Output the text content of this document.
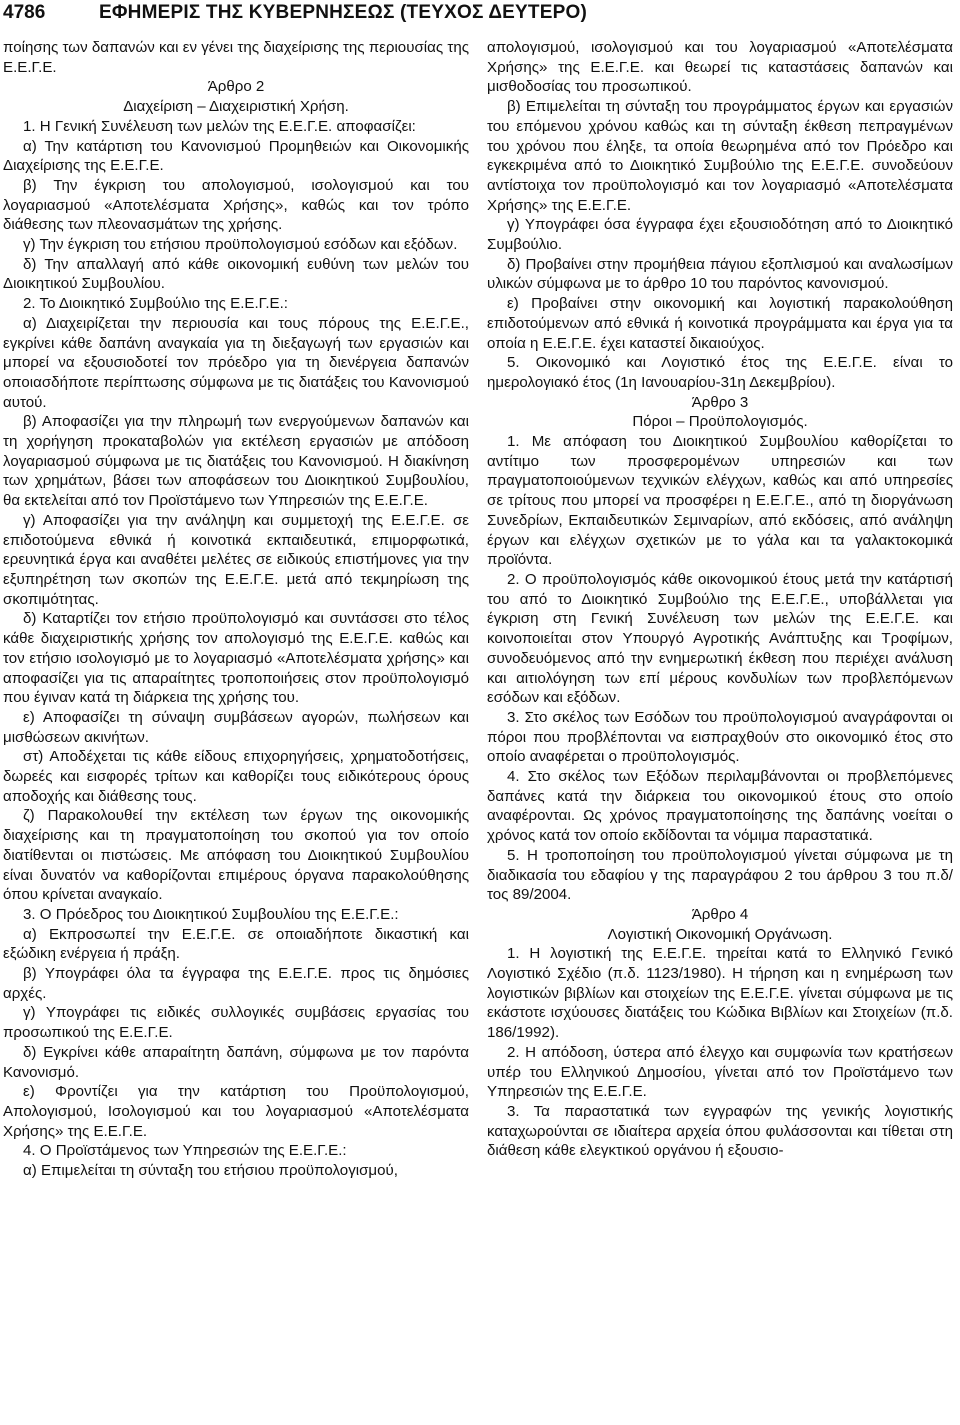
4786	ΕΦΗΜΕΡΙΣ ΤΗΣ ΚΥΒΕΡΝΗΣΕΩΣ (ΤΕΥΧΟΣ ΔΕΥΤΕΡΟ)
ποίησης των δαπανών και εν γένει της διαχείρισης της περιουσίας της Ε.Ε.Γ.Ε.
Άρθρο 2
Διαχείριση – Διαχειριστική Χρήση.
1. Η Γενική Συνέλευση των μελών της Ε.Ε.Γ.Ε. αποφασίζει:
α) Την κατάρτιση του Κανονισμού Προμηθειών και Οικονομικής Διαχείρισης της Ε.Ε.Γ.Ε.
β) Την έγκριση του απολογισμού, ισολογισμού και του λογαριασμού «Αποτελέσματα Χρήσης», καθώς και τον τρόπο διάθεσης των πλεονασμάτων της χρήσης.
γ) Την έγκριση του ετήσιου προϋπολογισμού εσόδων και εξόδων.
δ) Την απαλλαγή από κάθε οικονομική ευθύνη των μελών του Διοικητικού Συμβουλίου.
2. Το Διοικητικό Συμβούλιο της Ε.Ε.Γ.Ε.:
α) Διαχειρίζεται την περιουσία και τους πόρους της Ε.Ε.Γ.Ε., εγκρίνει κάθε δαπάνη αναγκαία για τη διεξαγωγή των εργασιών και μπορεί να εξουσιοδοτεί τον πρόεδρο για τη διενέργεια δαπανών οποιασδήποτε περίπτωσης σύμφωνα με τις διατάξεις του Κανονισμού αυτού.
β) Αποφασίζει για την πληρωμή των ενεργούμενων δαπανών και τη χορήγηση προκαταβολών για εκτέλεση εργασιών με απόδοση λογαριασμού σύμφωνα με τις διατάξεις του Κανονισμού. Η διακίνηση των χρημάτων, βάσει των αποφάσεων του Διοικητικού Συμβουλίου, θα εκτελείται από τον Προϊστάμενο των Υπηρεσιών της Ε.Ε.Γ.Ε.
γ) Αποφασίζει για την ανάληψη και συμμετοχή της Ε.Ε.Γ.Ε. σε επιδοτούμενα εθνικά ή κοινοτικά εκπαιδευτικά, επιμορφωτικά, ερευνητικά έργα και αναθέτει μελέτες σε ειδικούς επιστήμονες για την εξυπηρέτηση των σκοπών της Ε.Ε.Γ.Ε. μετά από τεκμηρίωση της σκοπιμότητας.
δ) Καταρτίζει τον ετήσιο προϋπολογισμό και συντάσσει στο τέλος κάθε διαχειριστικής χρήσης τον απολογισμό της Ε.Ε.Γ.Ε. καθώς και τον ετήσιο ισολογισμό με το λογαριασμό «Αποτελέσματα χρήσης» και αποφασίζει για τις απαραίτητες τροποποιήσεις στον προϋπολογισμό που έγιναν κατά τη διάρκεια της χρήσης του.
ε) Αποφασίζει τη σύναψη συμβάσεων αγορών, πωλήσεων και μισθώσεων ακινήτων.
στ) Αποδέχεται τις κάθε είδους επιχορηγήσεις, χρηματοδοτήσεις, δωρεές και εισφορές τρίτων και καθορίζει τους ειδικότερους όρους αποδοχής και διάθεσης τους.
ζ) Παρακολουθεί την εκτέλεση των έργων της οικονομικής διαχείρισης και τη πραγματοποίηση του σκοπού για τον οποίο διατίθενται οι πιστώσεις. Με απόφαση του Διοικητικού Συμβουλίου είναι δυνατόν να καθορίζονται επιμέρους όργανα παρακολούθησης όπου κρίνεται αναγκαίο.
3. Ο Πρόεδρος του Διοικητικού Συμβουλίου της Ε.Ε.Γ.Ε.:
α) Εκπροσωπεί την Ε.Ε.Γ.Ε. σε οποιαδήποτε δικαστική και εξώδικη ενέργεια ή πράξη.
β) Υπογράφει όλα τα έγγραφα της Ε.Ε.Γ.Ε. προς τις δημόσιες αρχές.
γ) Υπογράφει τις ειδικές συλλογικές συμβάσεις εργασίας του προσωπικού της Ε.Ε.Γ.Ε.
δ) Εγκρίνει κάθε απαραίτητη δαπάνη, σύμφωνα με τον παρόντα Κανονισμό.
ε) Φροντίζει για την κατάρτιση του Προϋπολογισμού, Απολογισμού, Ισολογισμού και του λογαριασμού «Αποτελέσματα Χρήσης» της Ε.Ε.Γ.Ε.
4. Ο Προϊστάμενος των Υπηρεσιών της Ε.Ε.Γ.Ε.:
α) Επιμελείται τη σύνταξη του ετήσιου προϋπολογισμού,
απολογισμού, ισολογισμού και του λογαριασμού «Αποτελέσματα Χρήσης» της Ε.Ε.Γ.Ε. και θεωρεί τις καταστάσεις δαπανών και μισθοδοσίας του προσωπικού.
β) Επιμελείται τη σύνταξη του προγράμματος έργων και εργασιών του επόμενου χρόνου καθώς και τη σύνταξη έκθεση πεπραγμένων του χρόνου που έληξε, τα οποία θεωρημένα από τον Πρόεδρο και εγκεκριμένα από το Διοικητικό Συμβούλιο της Ε.Ε.Γ.Ε. συνοδεύουν αντίστοιχα τον προϋπολογισμό και τον λογαριασμό «Αποτελέσματα Χρήσης» της Ε.Ε.Γ.Ε.
γ) Υπογράφει όσα έγγραφα έχει εξουσιοδότηση από το Διοικητικό Συμβούλιο.
δ) Προβαίνει στην προμήθεια πάγιου εξοπλισμού και αναλωσίμων υλικών σύμφωνα με το άρθρο 10 του παρόντος κανονισμού.
ε) Προβαίνει στην οικονομική και λογιστική παρακολούθηση επιδοτούμενων από εθνικά ή κοινοτικά προγράμματα και έργα για τα οποία η Ε.Ε.Γ.Ε. έχει καταστεί δικαιούχος.
5. Οικονομικό και Λογιστικό έτος της Ε.Ε.Γ.Ε. είναι το ημερολογιακό έτος (1η Ιανουαρίου-31η Δεκεμβρίου).
Άρθρο 3
Πόροι – Προϋπολογισμός.
1. Με απόφαση του Διοικητικού Συμβουλίου καθορίζεται το αντίτιμο των προσφερομένων υπηρεσιών και των πραγματοποιούμενων τεχνικών ελέγχων, καθώς και από υπηρεσίες σε τρίτους που μπορεί να προσφέρει η Ε.Ε.Γ.Ε., από τη διοργάνωση Συνεδρίων, Εκπαιδευτικών Σεμιναρίων, από εκδόσεις, από ανάληψη έργων και ελέγχων σχετικών με το γάλα και τα γαλακτοκομικά προϊόντα.
2. Ο προϋπολογισμός κάθε οικονομικού έτους μετά την κατάρτισή του από το Διοικητικό Συμβούλιο της Ε.Ε.Γ.Ε., υποβάλλεται για έγκριση στη Γενική Συνέλευση των μελών της Ε.Ε.Γ.Ε. και κοινοποιείται στον Υπουργό Αγροτικής Ανάπτυξης και Τροφίμων, συνοδευόμενος από την ενημερωτική έκθεση που περιέχει ανάλυση και αιτιολόγηση των επί μέρους κονδυλίων των προβλεπόμενων εσόδων και εξόδων.
3. Στο σκέλος των Εσόδων του προϋπολογισμού αναγράφονται οι πόροι που προβλέπονται να εισπραχθούν στο οικονομικό έτος στο οποίο αναφέρεται ο προϋπολογισμός.
4. Στο σκέλος των Εξόδων περιλαμβάνονται οι προβλεπόμενες δαπάνες κατά την διάρκεια του οικονομικού έτους στο οποίο αναφέρονται. Ως χρόνος πραγματοποίησης της δαπάνης νοείται ο χρόνος κατά τον οποίο εκδίδονται τα νόμιμα παραστατικά.
5. Η τροποποίηση του προϋπολογισμού γίνεται σύμφωνα με τη διαδικασία του εδαφίου γ της παραγράφου 2 του άρθρου 3 του π.δ/τος 89/2004.
Άρθρο 4
Λογιστική Οικονομική Οργάνωση.
1. Η λογιστική της Ε.Ε.Γ.Ε. τηρείται κατά το Ελληνικό Γενικό Λογιστικό Σχέδιο (π.δ. 1123/1980). Η τήρηση και η ενημέρωση των λογιστικών βιβλίων και στοιχείων της Ε.Ε.Γ.Ε. γίνεται σύμφωνα με τις εκάστοτε ισχύουσες διατάξεις του Κώδικα Βιβλίων και Στοιχείων (π.δ. 186/1992).
2. Η απόδοση, ύστερα από έλεγχο και συμφωνία των κρατήσεων υπέρ του Ελληνικού Δημοσίου, γίνεται από τον Προϊστάμενο των Υπηρεσιών της Ε.Ε.Γ.Ε.
3. Τα παραστατικά των εγγραφών της γενικής λογιστικής καταχωρούνται σε ιδιαίτερα αρχεία όπου φυλάσσονται και τίθεται στη διάθεση κάθε ελεγκτικού οργάνου ή εξουσιο-
